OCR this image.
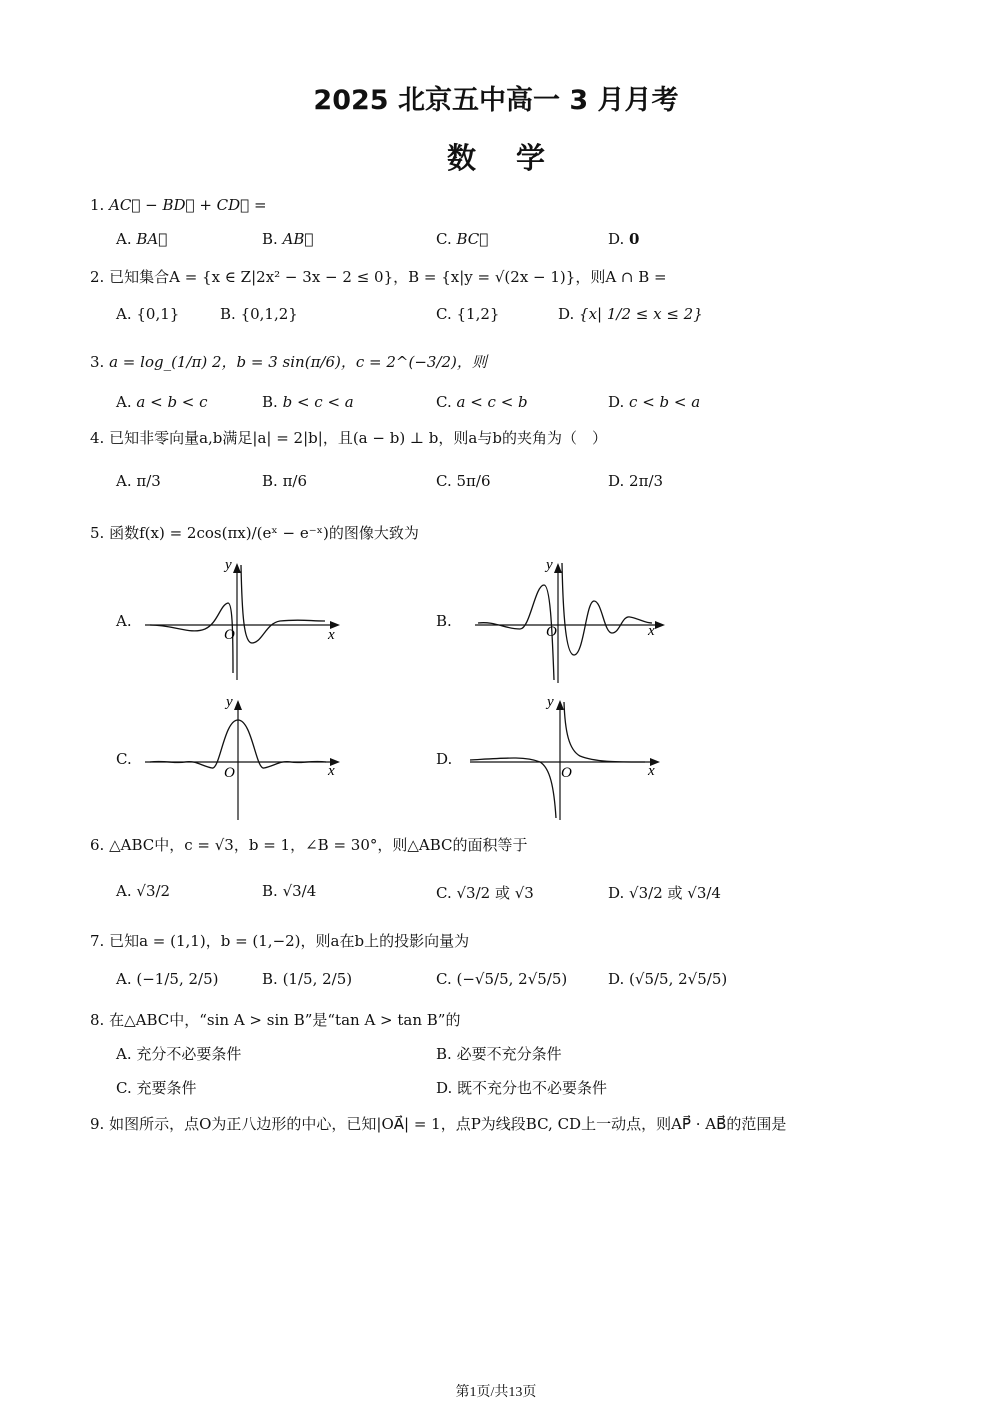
2025 北京五中高一 3 月月考
数学
1. AC⃗ − BD⃗ + CD⃗ =
A. BA⃗	B. AB⃗	C. BC⃗	D. 0
2. 已知集合A = {x ∈ Z|2x² − 3x − 2 ≤ 0}，B = {x|y = √(2x − 1)}，则A ∩ B =
A. {0,1}	B. {0,1,2}	C. {1,2}	D. {x| 1/2 ≤ x ≤ 2}
3. a = log_(1/π) 2，b = 3 sin(π/6)，c = 2^(−3/2)，则
A. a < b < c	B. b < c < a	C. a < c < b	D. c < b < a
4. 已知非零向量a,b满足|a| = 2|b|，且(a − b) ⊥ b，则a与b的夹角为（　）
A. π/3	B. π/6	C. 5π/6	D. 2π/3
5. 函数f(x) = 2cos(πx)/(eˣ − e⁻ˣ)的图像大致为
A.	B.
C.	D.
y
x
O
y
x
O
y
x
O
y
x
O
6. △ABC中，c = √3，b = 1，∠B = 30°，则△ABC的面积等于
A. √3/2	B. √3/4	C. √3/2 或 √3	D. √3/2 或 √3/4
7. 已知a = (1,1)，b = (1,−2)，则a在b上的投影向量为
A. (−1/5, 2/5)	B. (1/5, 2/5)	C. (−√5/5, 2√5/5)	D. (√5/5, 2√5/5)
8. 在△ABC中，“sin A > sin B”是“tan A > tan B”的
A. 充分不必要条件	B. 必要不充分条件
C. 充要条件	D. 既不充分也不必要条件
9. 如图所示，点O为正八边形的中心，已知|OA⃗| = 1，点P为线段BC, CD上一动点，则AP⃗ · AB⃗的范围是
第1页/共13页
